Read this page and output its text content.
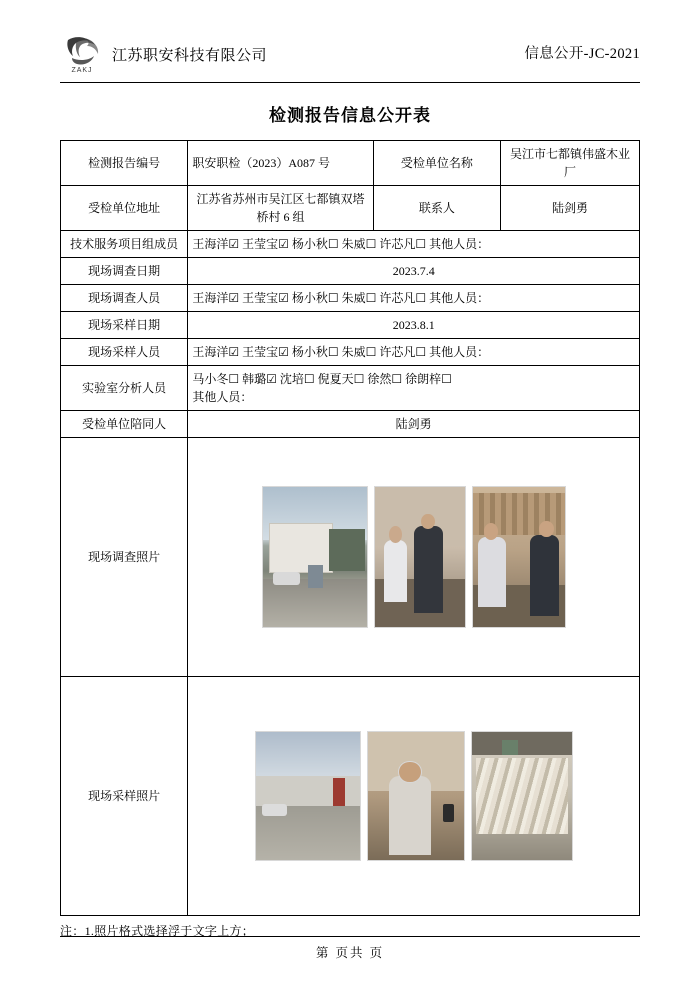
ZAKJ
江苏职安科技有限公司	信息公开-JC-2021
检测报告信息公开表
检测报告编号	职安职检（2023）A087 号	受检单位名称	吴江市七都镇伟盛木业厂
受检单位地址	江苏省苏州市吴江区七都镇双塔桥村 6 组	联系人	陆剑勇
技术服务项目组成员	王海洋☑ 王莹宝☑ 杨小秋☐ 朱威☐ 许芯凡☐ 其他人员：		
现场调查日期	2023.7.4		
现场调查人员	王海洋☑ 王莹宝☑ 杨小秋☐ 朱威☐ 许芯凡☐ 其他人员：		
现场采样日期	2023.8.1		
现场采样人员	王海洋☑ 王莹宝☑ 杨小秋☐ 朱威☐ 许芯凡☐ 其他人员：		
实验室分析人员	马小冬☐ 韩璐☑ 沈培☐ 倪夏天☐ 徐然☐ 徐朗梓☐
其他人员：		

受检单位陪同人	陆剑勇		
现场调查照片			

现场采样照片			
注：1.照片格式选择浮于文字上方；
第 页共 页
